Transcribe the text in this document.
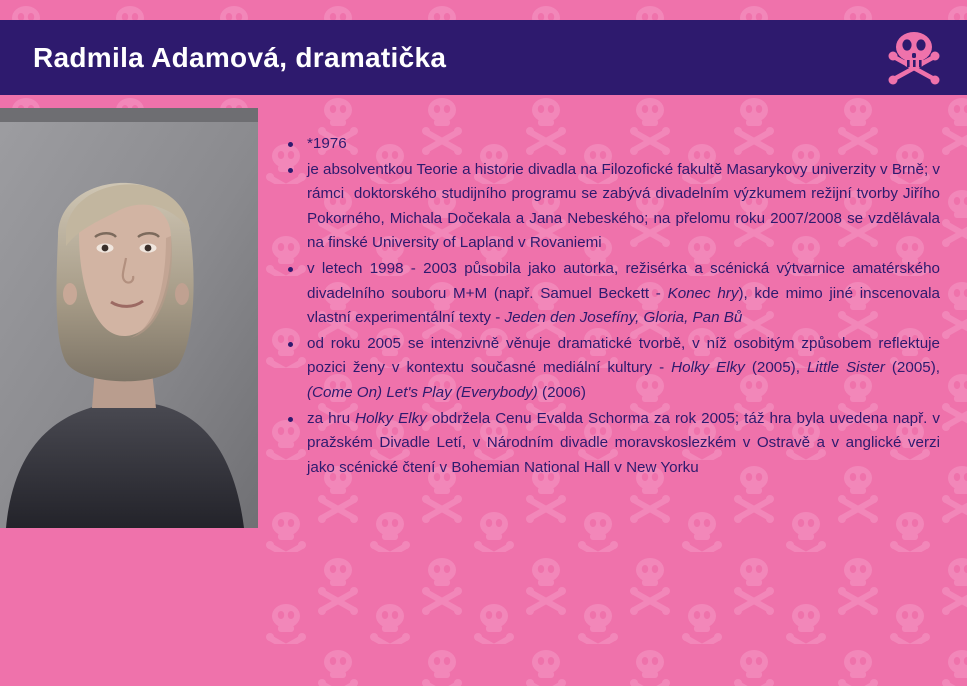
Radmila Adamová, dramatička
*1976
je absolventkou Teorie a historie divadla na Filozofické fakultě Masarykovy univerzity v Brně; v rámci  doktorského studijního programu se zabývá divadelním výzkumem režijní tvorby Jiřího Pokorného, Michala Dočekala a Jana Nebeského; na přelomu roku 2007/2008 se vzdělávala na finské University of Lapland v Rovaniemi
v letech 1998 - 2003 působila jako autorka, režisérka a scénická výtvarnice amatérského divadelního souboru M+M (např. Samuel Beckett - Konec hry), kde mimo jiné inscenovala vlastní experimentální texty - Jeden den Josefíny, Gloria, Pan Bů
od roku 2005 se intenzivně věnuje dramatické tvorbě, v níž osobitým způsobem reflektuje pozici ženy v kontextu současné mediální kultury - Holky Elky (2005), Little Sister (2005), (Come On) Let's Play (Everybody) (2006)
za hru Holky Elky obdržela Cenu Evalda Schorma za rok 2005; táž hra byla uvedena např. v pražském Divadle Letí, v Národním divadle moravskoslezkém v Ostravě a v anglické verzi jako scénické čtení v Bohemian National Hall v New Yorku
